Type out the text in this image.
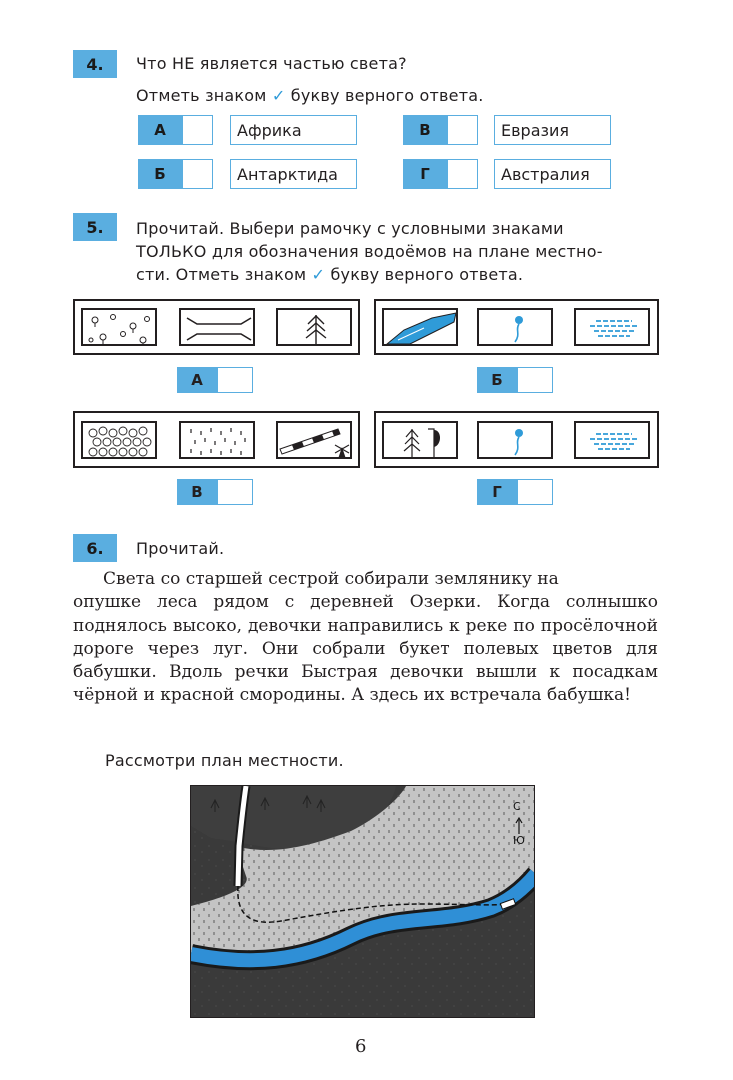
4. Что НЕ является частью света?
Отметь знаком ✓ букву верного ответа.
А	Африка
Б	Антарктида
В	Евразия
Г	Австралия
5. Прочитай. Выбери рамочку с условными знаками
ТОЛЬКО для обозначения водоёмов на плане местно-
сти. Отметь знаком ✓ букву верного ответа.
А	Б
В	Г
6. Прочитай.

Света со старшей сестрой собирали землянику на

опушке леса рядом с деревней Озерки. Когда солнышко поднялось высоко, девочки направились к реке по просёлочной дороге через луг. Они собрали букет полевых цветов для бабушки. Вдоль речки Быстрая девочки вышли к посадкам чёрной и красной смородины. А здесь их встречала бабушка!
Рассмотри план местности.
С
Ю
6
